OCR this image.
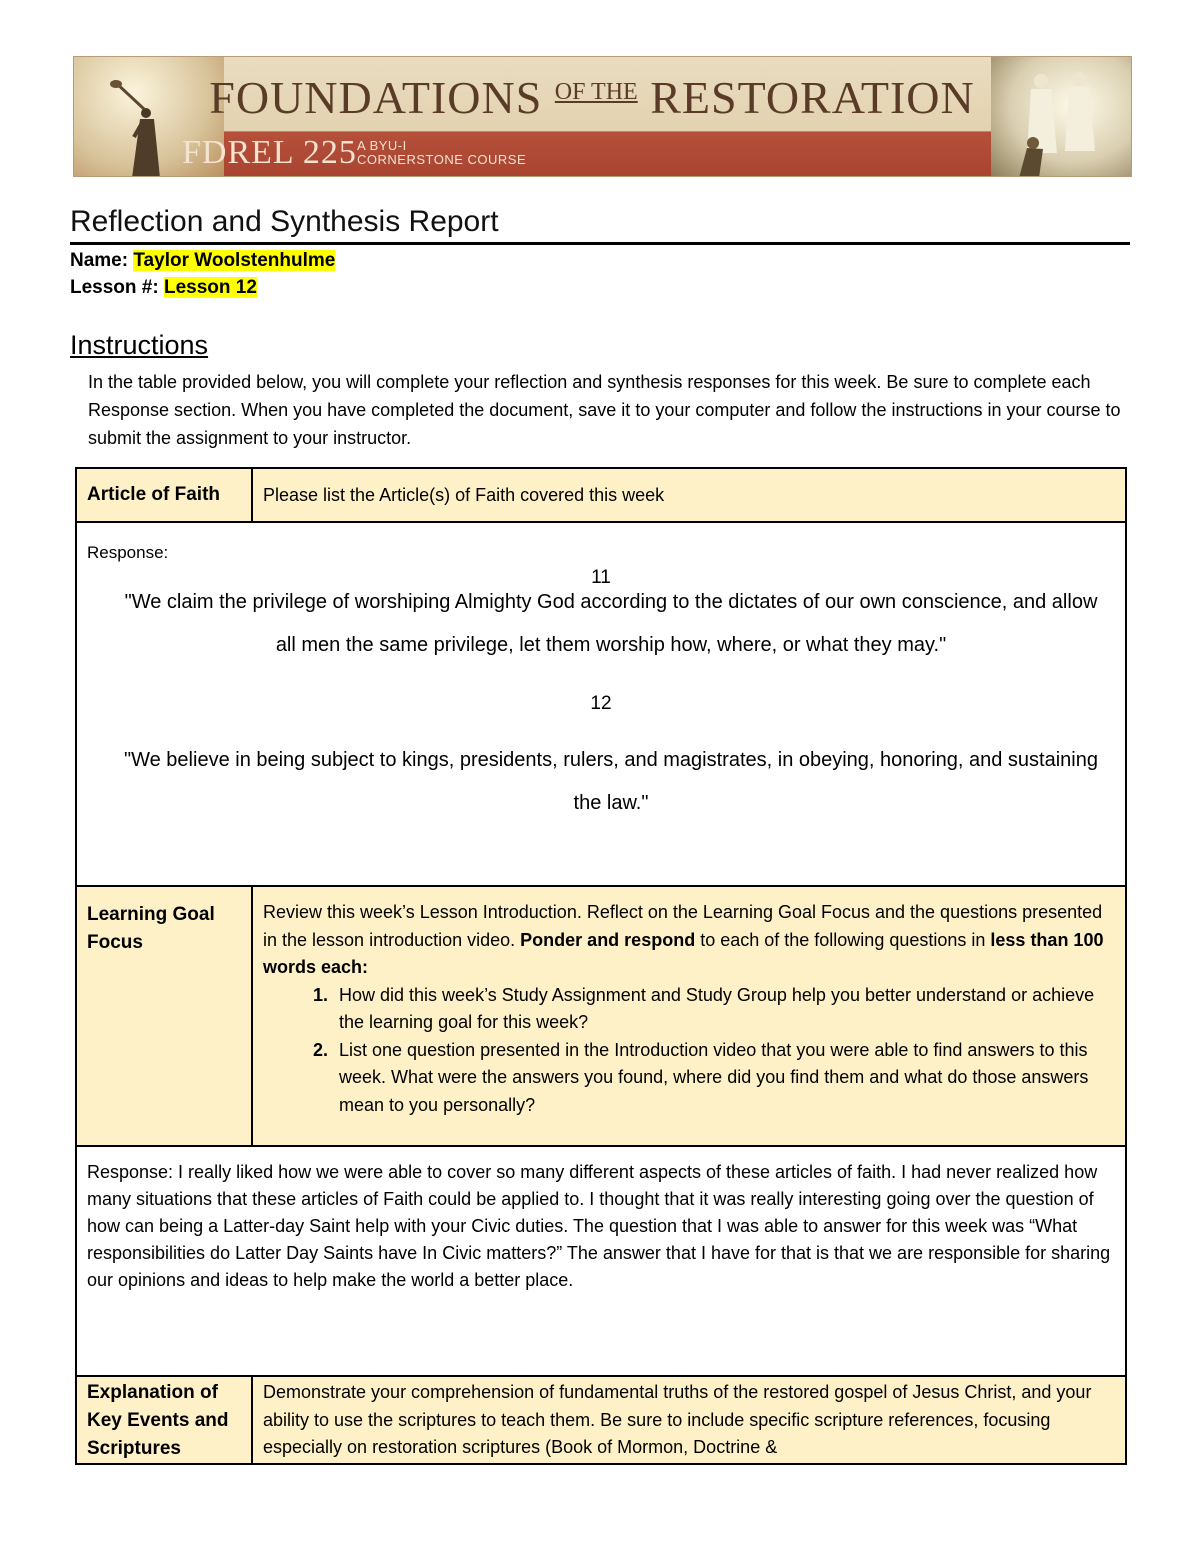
FOUNDATIONS $^{OF THE}$ RESTORATION
FDREL 225 A BYU-I
CORNERSTONE COURSE
Reflection and Synthesis Report
Name: Taylor Woolstenhulme
Lesson #: Lesson 12
Instructions
In the table provided below, you will complete your reflection and synthesis responses for this week. Be sure to complete each Response section. When you have completed the document, save it to your computer and follow the instructions in your course to submit the assignment to your instructor.
Article of Faith	Please list the Article(s) of Faith covered this week
Response:
11
"We claim the privilege of worshiping Almighty God according to the dictates of our own conscience, and allow all men the same privilege, let them worship how, where, or what they may."
12
"We believe in being subject to kings, presidents, rulers, and magistrates, in obeying, honoring, and sustaining the law."
Learning Goal Focus
Review this week’s Lesson Introduction. Reflect on the Learning Goal Focus and the questions presented in the lesson introduction video. Ponder and respond to each of the following questions in less than 100 words each:
1. How did this week’s Study Assignment and Study Group help you better understand or achieve the learning goal for this week?
2. List one question presented in the Introduction video that you were able to find answers to this week. What were the answers you found, where did you find them and what do those answers mean to you personally?
Response: I really liked how we were able to cover so many different aspects of these articles of faith. I had never realized how many situations that these articles of Faith could be applied to. I thought that it was really interesting going over the question of how can being a Latter-day Saint help with your Civic duties. The question that I was able to answer for this week was “What responsibilities do Latter Day Saints have In Civic matters?” The answer that I have for that is that we are responsible for sharing our opinions and ideas to help make the world a better place.
Explanation of Key Events and Scriptures
Demonstrate your comprehension of fundamental truths of the restored gospel of Jesus Christ, and your ability to use the scriptures to teach them. Be sure to include specific scripture references, focusing especially on restoration scriptures (Book of Mormon, Doctrine &
